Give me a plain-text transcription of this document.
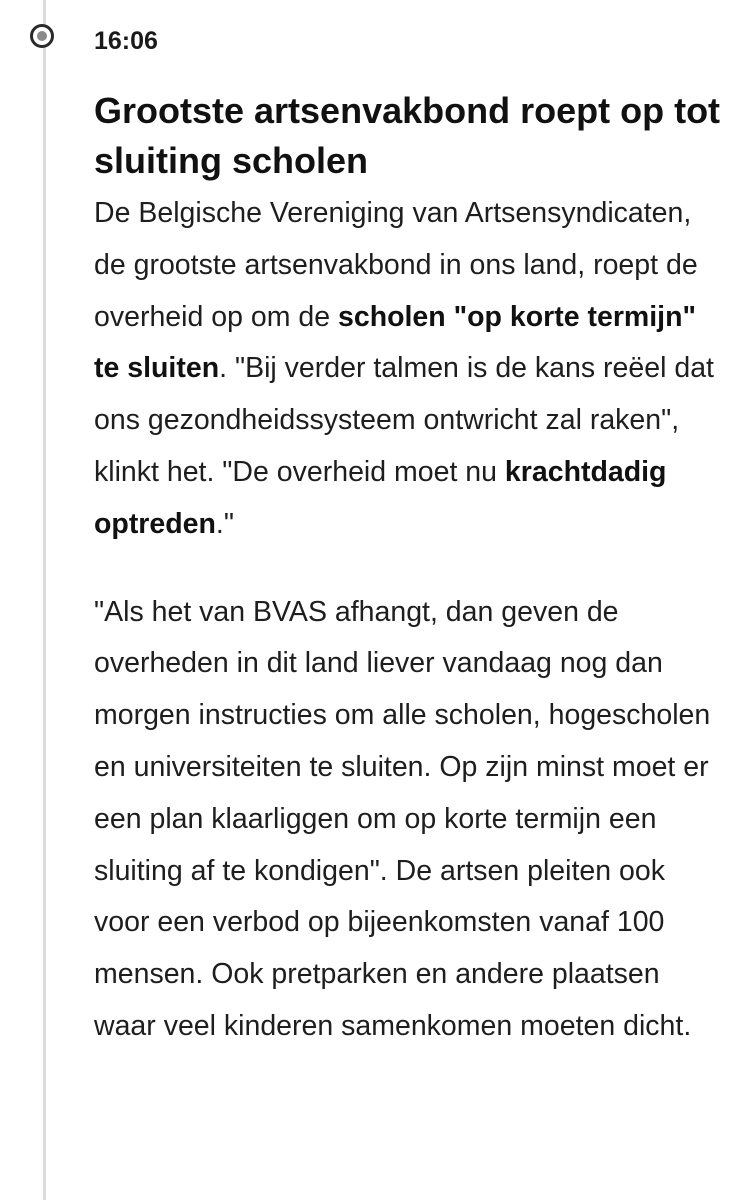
16:06
Grootste artsenvakbond roept op tot sluiting scholen

De Belgische Vereniging van Artsensyndicaten, de grootste artsenvakbond in ons land, roept de overheid op om de scholen "op korte termijn" te sluiten. "Bij verder talmen is de kans reëel dat ons gezondheidssysteem ontwricht zal raken", klinkt het. "De overheid moet nu krachtdadig optreden."

"Als het van BVAS afhangt, dan geven de overheden in dit land liever vandaag nog dan morgen instructies om alle scholen, hogescholen en universiteiten te sluiten. Op zijn minst moet er een plan klaarliggen om op korte termijn een sluiting af te kondigen". De artsen pleiten ook voor een verbod op bijeenkomsten vanaf 100 mensen. Ook pretparken en andere plaatsen waar veel kinderen samenkomen moeten dicht.
